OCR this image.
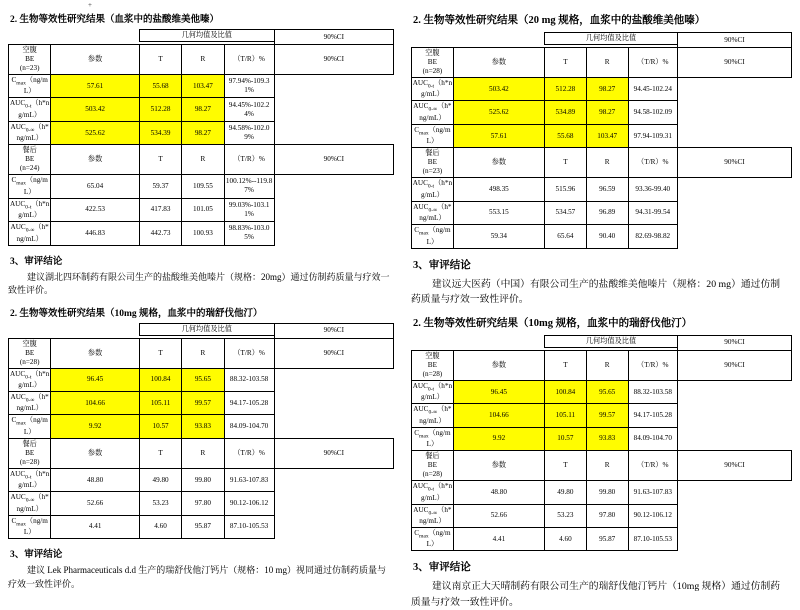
+
2. 生物等效性研究结果（血浆中的盐酸维美他嗪）
		几何均值及比值			90%CI

空腹
BE
(n=23)	参数	T	R	（T/R）%	90%CI
$C_{max}(ng/mL)$	57.61	55.68	103.47	97.94%-109.31%	
$AUC_{0-t}(h*ng/mL)$	503.42	512.28	98.27	94.45%-102.24%	
$AUC_{0-\infty}(h*ng/mL)$	525.62	534.39	98.27	94.58%-102.09%	
餐后
BE
(n=24)	参数	T	R	（T/R）%	90%CI
$C_{max}(ng/mL)$	65.04	59.37	109.55	100.12%--119.87%	
$AUC_{0-t}(h*ng/mL)$	422.53	417.83	101.05	99.03%-103.11%	
$AUC_{0-\infty}(h*ng/mL)$	446.83	442.73	100.93	98.83%-103.05%	
3、审评结论
建议湖北四环制药有限公司生产的盐酸维美他嗪片（规格：20mg）通过仿制药质量与疗效一致性评价。
2. 生物等效性研究结果（10mg 规格，血浆中的瑞舒伐他汀）
		几何均值及比值			90%CI

空腹
BE
(n=28)	参数	T	R	（T/R）%	90%CI
$AUC_{0-t}(h*ng/mL)$	96.45	100.84	95.65	88.32-103.58	
$AUC_{0-\infty}(h*ng/mL)$	104.66	105.11	99.57	94.17-105.28	
$C_{max}(ng/mL)$	9.92	10.57	93.83	84.09-104.70	
餐后
BE
(n=28)	参数	T	R	（T/R）%	90%CI
$AUC_{0-t}(h*ng/mL)$	48.80	49.80	99.80	91.63-107.83	
$AUC_{0-\infty}(h*ng/mL)$	52.66	53.23	97.80	90.12-106.12	
$C_{max}(ng/mL)$	4.41	4.60	95.87	87.10-105.53	
3、审评结论
建议 Lek Pharmaceuticals d.d 生产的瑞舒伐他汀钙片（规格：10 mg）视同通过仿制药质量与疗效一致性评价。
2. 生物等效性研究结果（20 mg 规格，血浆中的盐酸维美他嗪）
		几何均值及比值			90%CI

空腹
BE
(n=28)	参数	T	R	（T/R）%	90%CI
$AUC_{0-t}(h*ng/mL)$	503.42	512.28	98.27	94.45-102.24	
$AUC_{0-\infty}(h*ng/mL)$	525.62	534.89	98.27	94.58-102.09	
$C_{max}(ng/mL)$	57.61	55.68	103.47	97.94-109.31	
餐后
BE
(n=23)	参数	T	R	（T/R）%	90%CI
$AUC_{0-t}(h*ng/mL)$	498.35	515.96	96.59	93.36-99.40	
$AUC_{0-\infty}(h*ng/mL)$	553.15	534.57	96.89	94.31-99.54	
$C_{max}(ng/mL)$	59.34	65.64	90.40	82.69-98.82	
3、审评结论
建议远大医药（中国）有限公司生产的盐酸维美他嗪片（规格：20 mg）通过仿制药质量与疗效一致性评价。
2. 生物等效性研究结果（10mg 规格，血浆中的瑞舒伐他汀）
		几何均值及比值			90%CI

空腹
BE
(n=28)	参数	T	R	（T/R）%	90%CI
$AUC_{0-t}(h*ng/mL)$	96.45	100.84	95.65	88.32-103.58	
$AUC_{0-\infty}(h*ng/mL)$	104.66	105.11	99.57	94.17-105.28	
$C_{max}(ng/mL)$	9.92	10.57	93.83	84.09-104.70	
餐后
BE
(n=28)	参数	T	R	（T/R）%	90%CI
$AUC_{0-t}(h*ng/mL)$	48.80	49.80	99.80	91.63-107.83	
$AUC_{0-\infty}(h*ng/mL)$	52.66	53.23	97.80	90.12-106.12	
$C_{max}(ng/mL)$	4.41	4.60	95.87	87.10-105.53	
3、审评结论
建议南京正大天晴制药有限公司生产的瑞舒伐他汀钙片（10mg 规格）通过仿制药质量与疗效一致性评价。
